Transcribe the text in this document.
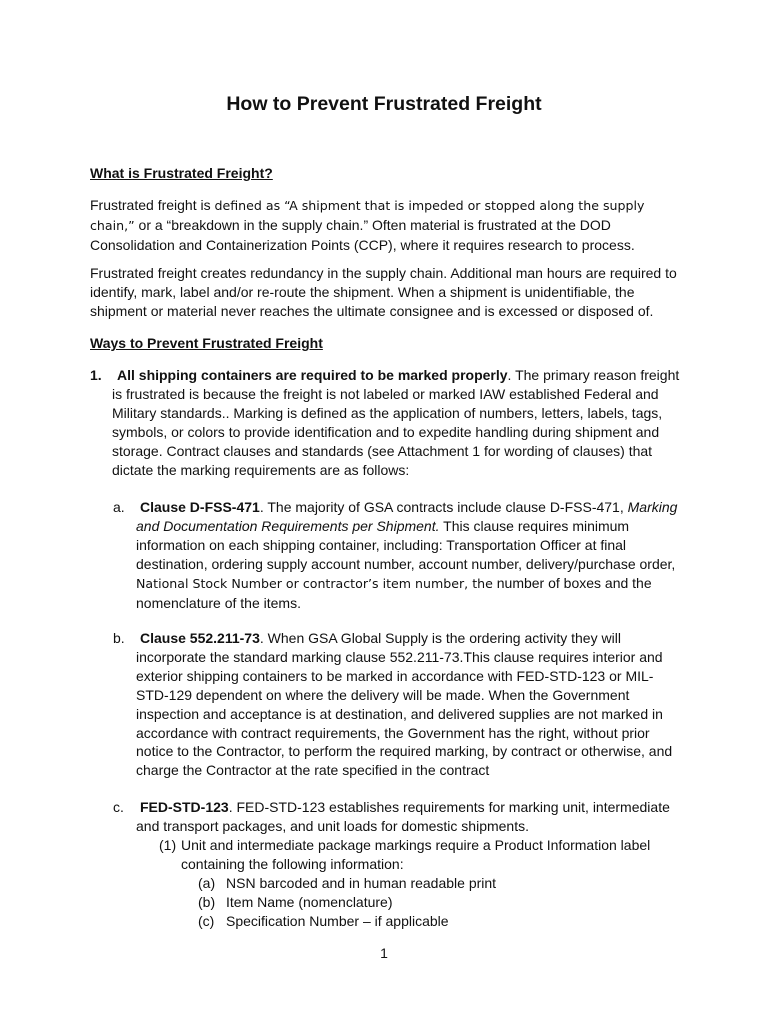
How to Prevent Frustrated Freight
What is Frustrated Freight?

Frustrated freight is defined as “A shipment that is impeded or stopped along the supply chain,” or a “breakdown in the supply chain.” Often material is frustrated at the DOD Consolidation and Containerization Points (CCP), where it requires research to process.

Frustrated freight creates redundancy in the supply chain. Additional man hours are required to identify, mark, label and/or re-route the shipment. When a shipment is unidentifiable, the shipment or material never reaches the ultimate consignee and is excessed or disposed of.

Ways to Prevent Frustrated Freight
1.	All shipping containers are required to be marked properly. The primary reason freight is frustrated is because the freight is not labeled or marked IAW established Federal and Military standards.. Marking is defined as the application of numbers, letters, labels, tags, symbols, or colors to provide identification and to expedite handling during shipment and storage. Contract clauses and standards (see Attachment 1 for wording of clauses) that dictate the marking requirements are as follows:

a. Clause D-FSS-471. The majority of GSA contracts include clause D-FSS-471, Marking and Documentation Requirements per Shipment. This clause requires minimum information on each shipping container, including: Transportation Officer at final destination, ordering supply account number, account number, delivery/purchase order, National Stock Number or contractor’s item number, the number of boxes and the nomenclature of the items.

b. Clause 552.211-73. When GSA Global Supply is the ordering activity they will incorporate the standard marking clause 552.211-73.This clause requires interior and exterior shipping containers to be marked in accordance with FED-STD-123 or MIL-STD-129 dependent on where the delivery will be made. When the Government inspection and acceptance is at destination, and delivered supplies are not marked in accordance with contract requirements, the Government has the right, without prior notice to the Contractor, to perform the required marking, by contract or otherwise, and charge the Contractor at the rate specified in the contract

c. FED-STD-123. FED-STD-123 establishes requirements for marking unit, intermediate and transport packages, and unit loads for domestic shipments.

(1) Unit and intermediate package markings require a Product Information label containing the following information:

(a) NSN barcoded and in human readable print
(b) Item Name (nomenclature)
(c) Specification Number – if applicable
1
